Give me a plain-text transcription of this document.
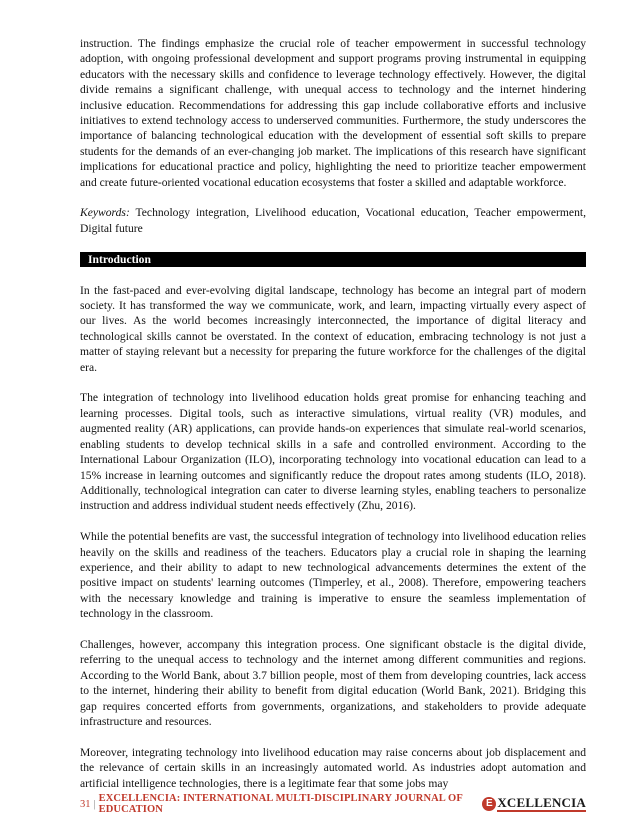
instruction. The findings emphasize the crucial role of teacher empowerment in successful technology adoption, with ongoing professional development and support programs proving instrumental in equipping educators with the necessary skills and confidence to leverage technology effectively. However, the digital divide remains a significant challenge, with unequal access to technology and the internet hindering inclusive education. Recommendations for addressing this gap include collaborative efforts and inclusive initiatives to extend technology access to underserved communities. Furthermore, the study underscores the importance of balancing technological education with the development of essential soft skills to prepare students for the demands of an ever-changing job market. The implications of this research have significant implications for educational practice and policy, highlighting the need to prioritize teacher empowerment and create future-oriented vocational education ecosystems that foster a skilled and adaptable workforce.

Keywords: Technology integration, Livelihood education, Vocational education, Teacher empowerment, Digital future

Introduction

In the fast-paced and ever-evolving digital landscape, technology has become an integral part of modern society. It has transformed the way we communicate, work, and learn, impacting virtually every aspect of our lives. As the world becomes increasingly interconnected, the importance of digital literacy and technological skills cannot be overstated. In the context of education, embracing technology is not just a matter of staying relevant but a necessity for preparing the future workforce for the challenges of the digital era.

The integration of technology into livelihood education holds great promise for enhancing teaching and learning processes. Digital tools, such as interactive simulations, virtual reality (VR) modules, and augmented reality (AR) applications, can provide hands-on experiences that simulate real-world scenarios, enabling students to develop technical skills in a safe and controlled environment. According to the International Labour Organization (ILO), incorporating technology into vocational education can lead to a 15% increase in learning outcomes and significantly reduce the dropout rates among students (ILO, 2018). Additionally, technological integration can cater to diverse learning styles, enabling teachers to personalize instruction and address individual student needs effectively (Zhu, 2016).

While the potential benefits are vast, the successful integration of technology into livelihood education relies heavily on the skills and readiness of the teachers. Educators play a crucial role in shaping the learning experience, and their ability to adapt to new technological advancements determines the extent of the positive impact on students' learning outcomes (Timperley, et al., 2008). Therefore, empowering teachers with the necessary knowledge and training is imperative to ensure the seamless implementation of technology in the classroom.

Challenges, however, accompany this integration process. One significant obstacle is the digital divide, referring to the unequal access to technology and the internet among different communities and regions. According to the World Bank, about 3.7 billion people, most of them from developing countries, lack access to the internet, hindering their ability to benefit from digital education (World Bank, 2021). Bridging this gap requires concerted efforts from governments, organizations, and stakeholders to provide adequate infrastructure and resources.

Moreover, integrating technology into livelihood education may raise concerns about job displacement and the relevance of certain skills in an increasingly automated world. As industries adopt automation and artificial intelligence technologies, there is a legitimate fear that some jobs may

31 | EXCELLENCIA: INTERNATIONAL MULTI-DISCIPLINARY JOURNAL OF EDUCATION
E XCELLENCIA
